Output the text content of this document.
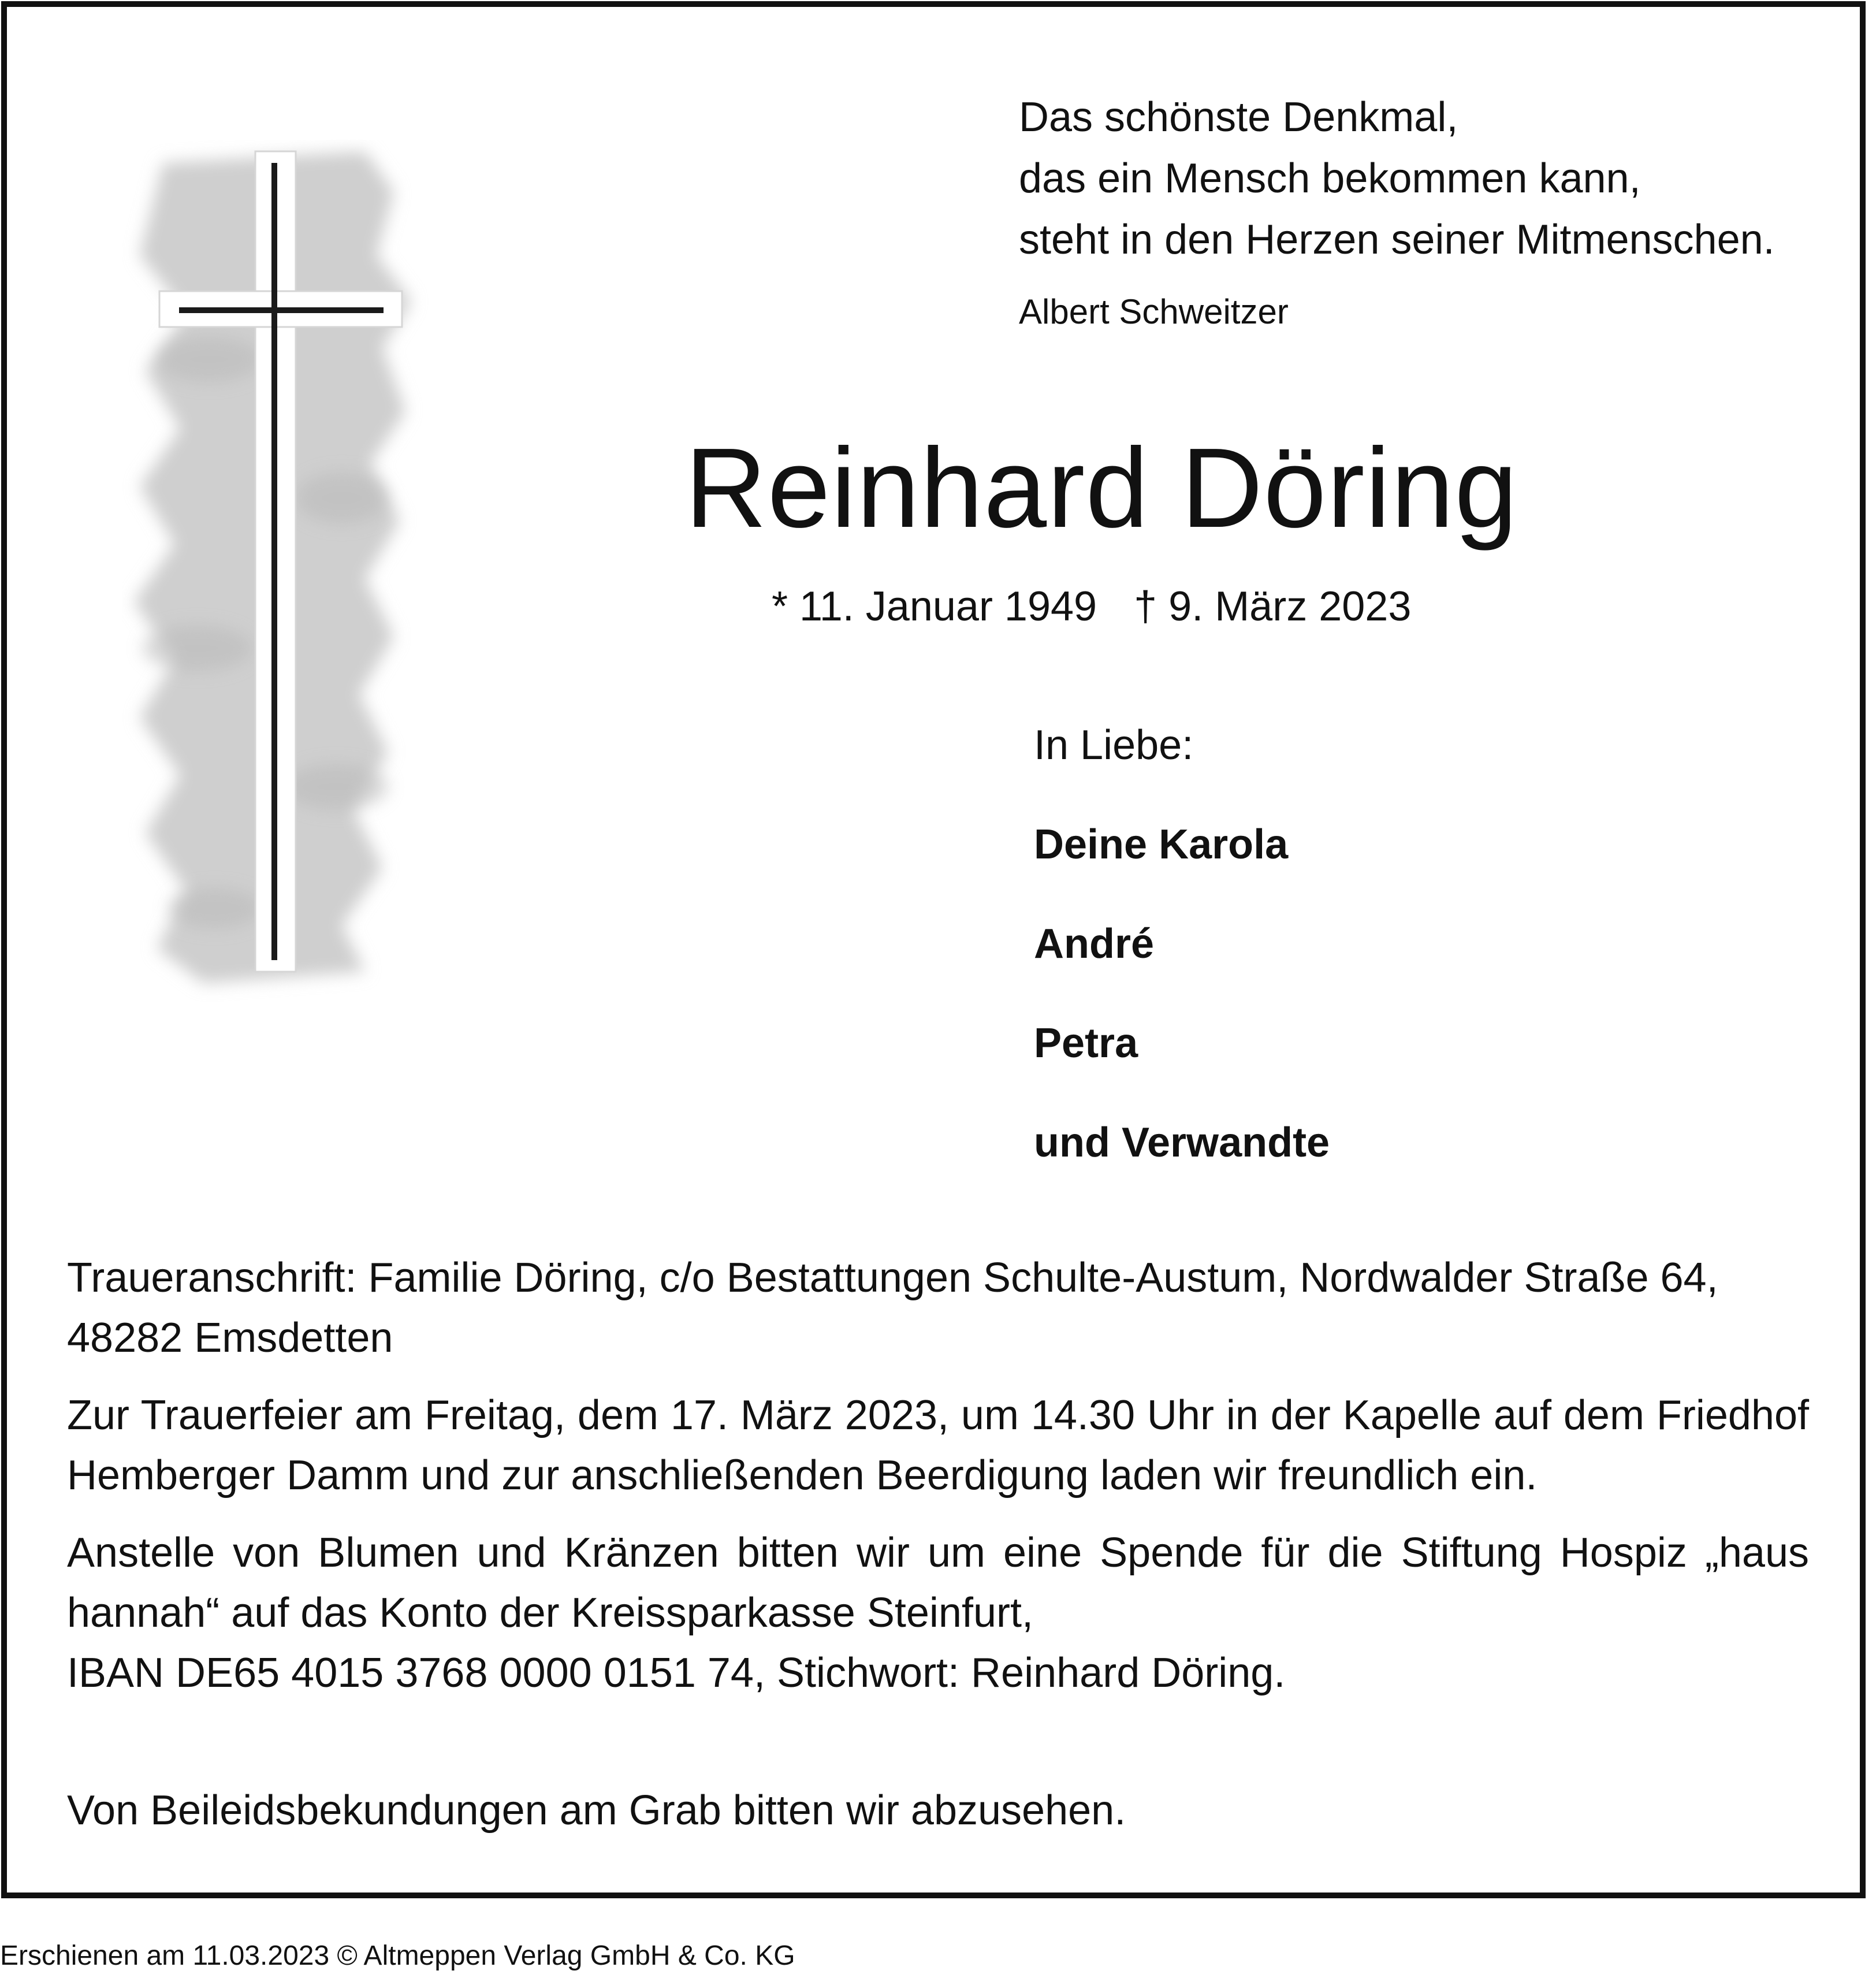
Das schönste Denkmal,
das ein Mensch bekommen kann,
steht in den Herzen seiner Mitmenschen.
Albert Schweitzer
Reinhard Döring
* 11. Januar 1949 † 9. März 2023
In Liebe:
Deine Karola
André
Petra
und Verwandte

Traueranschrift: Familie Döring, c/o Bestattungen Schulte-Austum, Nordwalder Straße 64,
48282 Emsdetten

Zur Trauerfeier am Freitag, dem 17. März 2023, um 14.30 Uhr in der Kapelle auf dem Friedhof Hemberger Damm und zur anschließenden Beerdigung laden wir freundlich ein.

Anstelle von Blumen und Kränzen bitten wir um eine Spende für die Stiftung Hospiz „haus hannah“ auf das Konto der Kreissparkasse Steinfurt,
IBAN DE65 4015 3768 0000 0151 74, Stichwort: Reinhard Döring.

Von Beileidsbekundungen am Grab bitten wir abzusehen.

Erschienen am 11.03.2023 © Altmeppen Verlag GmbH & Co. KG
